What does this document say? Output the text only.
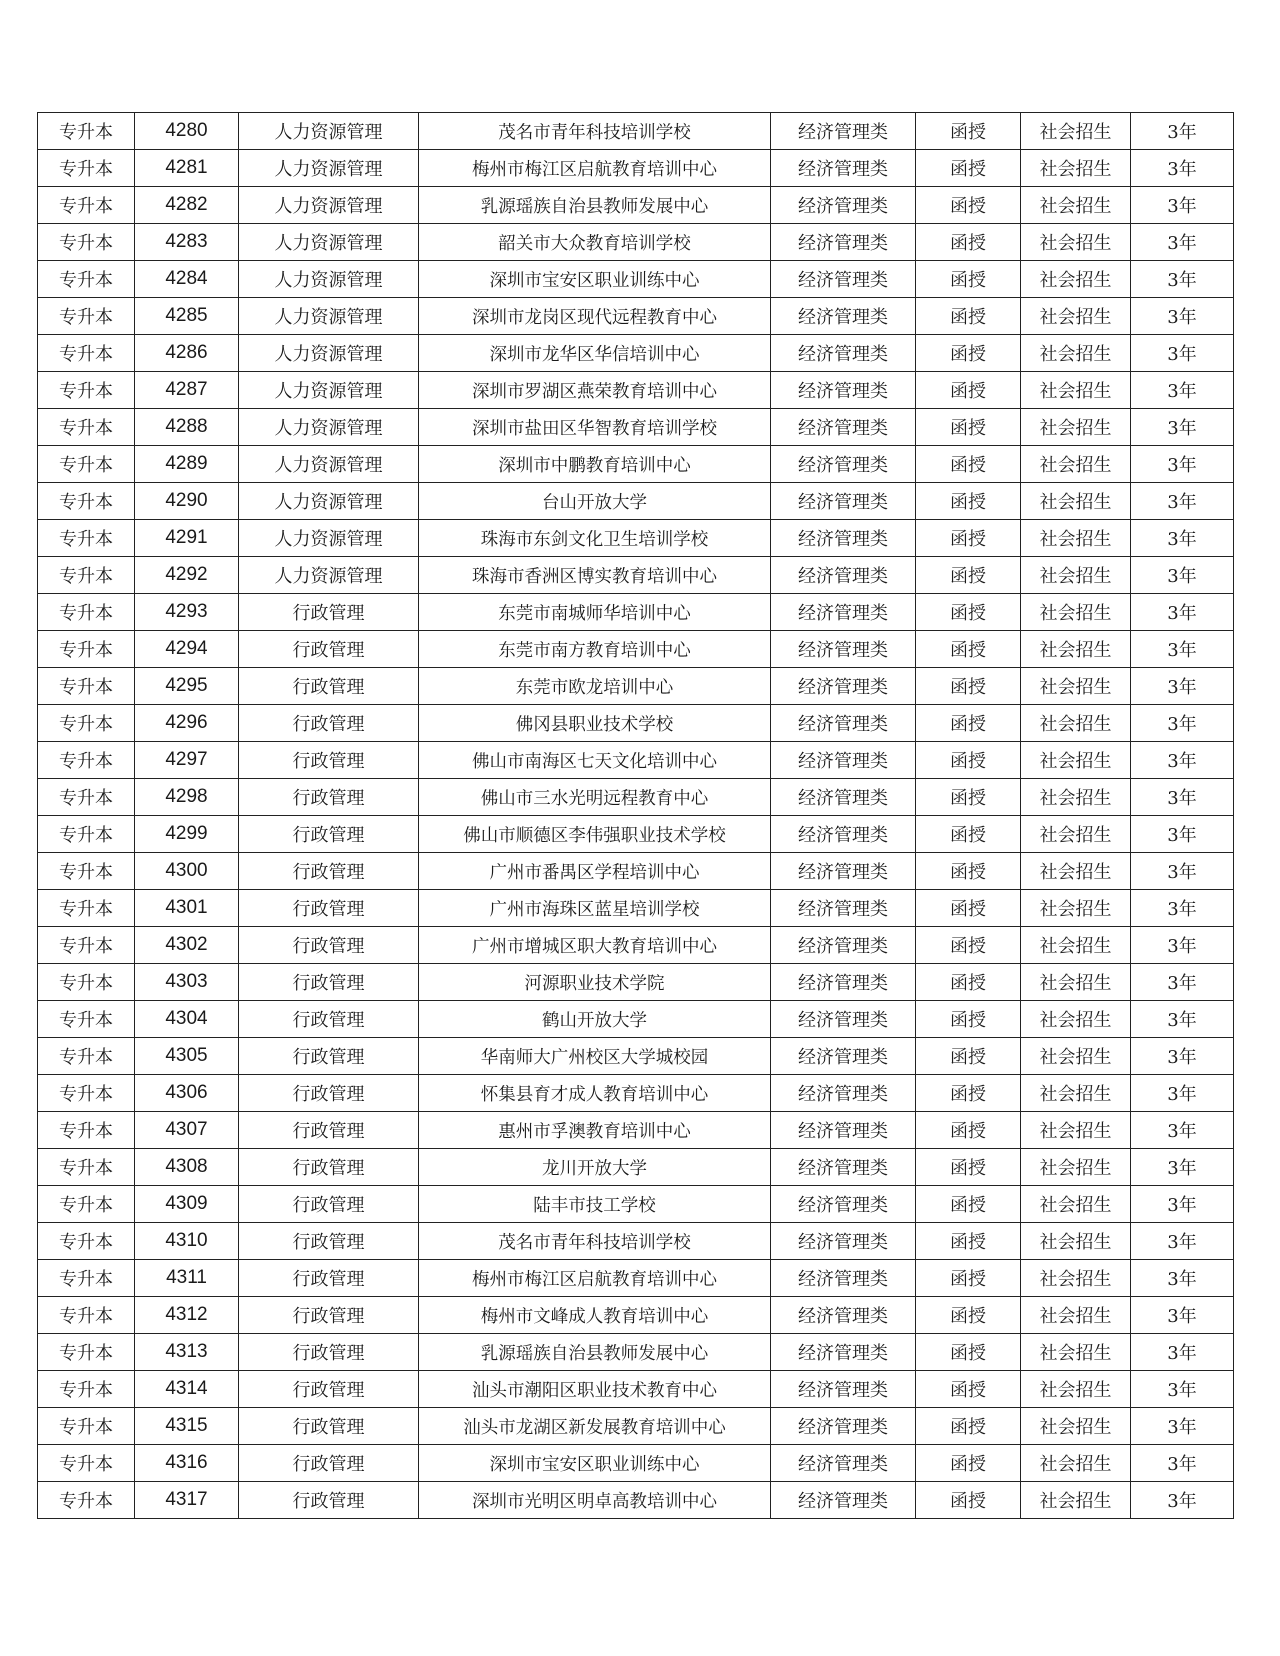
专升本	4280	人力资源管理	茂名市青年科技培训学校	经济管理类	函授	社会招生	3年
专升本	4281	人力资源管理	梅州市梅江区启航教育培训中心	经济管理类	函授	社会招生	3年
专升本	4282	人力资源管理	乳源瑶族自治县教师发展中心	经济管理类	函授	社会招生	3年
专升本	4283	人力资源管理	韶关市大众教育培训学校	经济管理类	函授	社会招生	3年
专升本	4284	人力资源管理	深圳市宝安区职业训练中心	经济管理类	函授	社会招生	3年
专升本	4285	人力资源管理	深圳市龙岗区现代远程教育中心	经济管理类	函授	社会招生	3年
专升本	4286	人力资源管理	深圳市龙华区华信培训中心	经济管理类	函授	社会招生	3年
专升本	4287	人力资源管理	深圳市罗湖区燕荣教育培训中心	经济管理类	函授	社会招生	3年
专升本	4288	人力资源管理	深圳市盐田区华智教育培训学校	经济管理类	函授	社会招生	3年
专升本	4289	人力资源管理	深圳市中鹏教育培训中心	经济管理类	函授	社会招生	3年
专升本	4290	人力资源管理	台山开放大学	经济管理类	函授	社会招生	3年
专升本	4291	人力资源管理	珠海市东剑文化卫生培训学校	经济管理类	函授	社会招生	3年
专升本	4292	人力资源管理	珠海市香洲区博实教育培训中心	经济管理类	函授	社会招生	3年
专升本	4293	行政管理	东莞市南城师华培训中心	经济管理类	函授	社会招生	3年
专升本	4294	行政管理	东莞市南方教育培训中心	经济管理类	函授	社会招生	3年
专升本	4295	行政管理	东莞市欧龙培训中心	经济管理类	函授	社会招生	3年
专升本	4296	行政管理	佛冈县职业技术学校	经济管理类	函授	社会招生	3年
专升本	4297	行政管理	佛山市南海区七天文化培训中心	经济管理类	函授	社会招生	3年
专升本	4298	行政管理	佛山市三水光明远程教育中心	经济管理类	函授	社会招生	3年
专升本	4299	行政管理	佛山市顺德区李伟强职业技术学校	经济管理类	函授	社会招生	3年
专升本	4300	行政管理	广州市番禺区学程培训中心	经济管理类	函授	社会招生	3年
专升本	4301	行政管理	广州市海珠区蓝星培训学校	经济管理类	函授	社会招生	3年
专升本	4302	行政管理	广州市增城区职大教育培训中心	经济管理类	函授	社会招生	3年
专升本	4303	行政管理	河源职业技术学院	经济管理类	函授	社会招生	3年
专升本	4304	行政管理	鹤山开放大学	经济管理类	函授	社会招生	3年
专升本	4305	行政管理	华南师大广州校区大学城校园	经济管理类	函授	社会招生	3年
专升本	4306	行政管理	怀集县育才成人教育培训中心	经济管理类	函授	社会招生	3年
专升本	4307	行政管理	惠州市孚澳教育培训中心	经济管理类	函授	社会招生	3年
专升本	4308	行政管理	龙川开放大学	经济管理类	函授	社会招生	3年
专升本	4309	行政管理	陆丰市技工学校	经济管理类	函授	社会招生	3年
专升本	4310	行政管理	茂名市青年科技培训学校	经济管理类	函授	社会招生	3年
专升本	4311	行政管理	梅州市梅江区启航教育培训中心	经济管理类	函授	社会招生	3年
专升本	4312	行政管理	梅州市文峰成人教育培训中心	经济管理类	函授	社会招生	3年
专升本	4313	行政管理	乳源瑶族自治县教师发展中心	经济管理类	函授	社会招生	3年
专升本	4314	行政管理	汕头市潮阳区职业技术教育中心	经济管理类	函授	社会招生	3年
专升本	4315	行政管理	汕头市龙湖区新发展教育培训中心	经济管理类	函授	社会招生	3年
专升本	4316	行政管理	深圳市宝安区职业训练中心	经济管理类	函授	社会招生	3年
专升本	4317	行政管理	深圳市光明区明卓高教培训中心	经济管理类	函授	社会招生	3年
